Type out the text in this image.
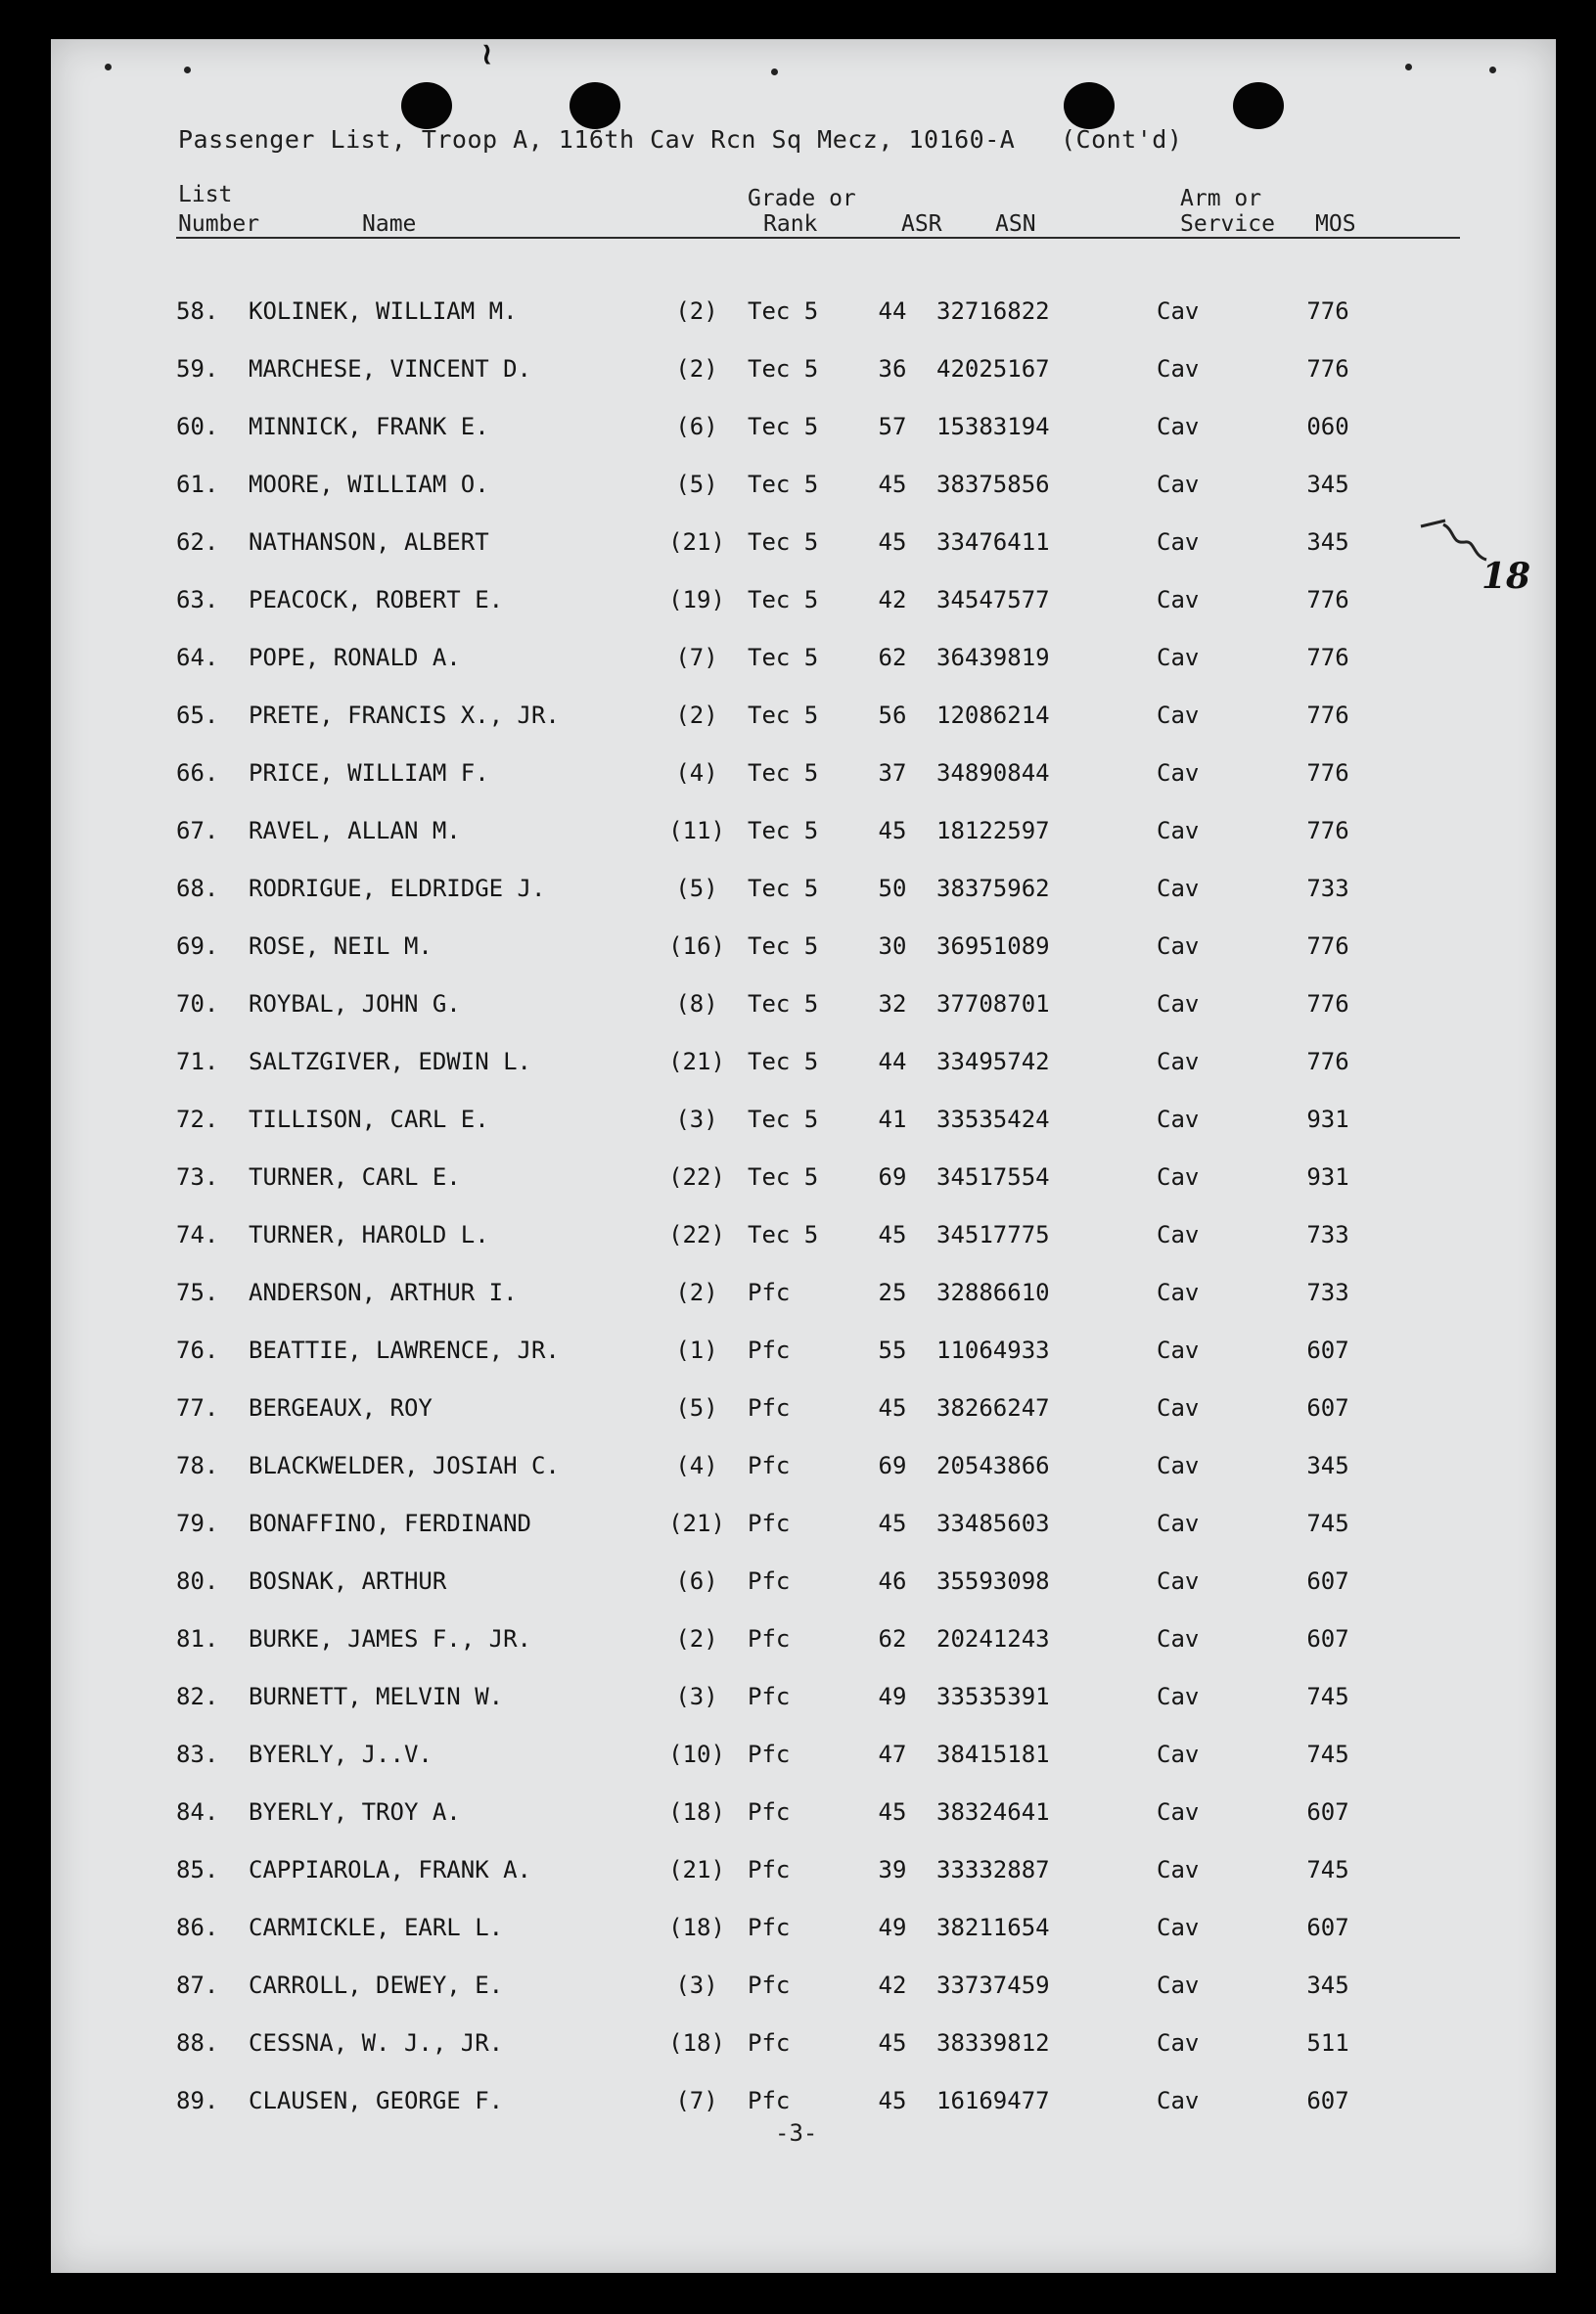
≀
Passenger List, Troop A, 116th Cav Rcn Sq Mecz, 10160-A   (Cont'd)
List
Number	Name
Grade or
Rank	ASR ASN
Arm or
Service MOS
58. KOLINEK, WILLIAM M.	(2)	Tec 5	44	32716822	Cav	776
59. MARCHESE, VINCENT D.	(2)	Tec 5	36	42025167	Cav	776
60. MINNICK, FRANK E.	(6)	Tec 5	57	15383194	Cav	060
61. MOORE, WILLIAM O.	(5)	Tec 5	45	38375856	Cav	345
62. NATHANSON, ALBERT	(21) Tec 5	45	33476411	Cav	345
63. PEACOCK, ROBERT E.	(19) Tec 5	42	34547577	Cav	776
64. POPE, RONALD A.	(7)	Tec 5	62	36439819	Cav	776
65. PRETE, FRANCIS X., JR.	(2)	Tec 5	56	12086214	Cav	776
66. PRICE, WILLIAM F.	(4)	Tec 5	37	34890844	Cav	776
67. RAVEL, ALLAN M.	(11) Tec 5	45	18122597	Cav	776
68. RODRIGUE, ELDRIDGE J.	(5)	Tec 5	50	38375962	Cav	733
69. ROSE, NEIL M.	(16) Tec 5	30	36951089	Cav	776
70. ROYBAL, JOHN G.	(8)	Tec 5	32	37708701	Cav	776
71. SALTZGIVER, EDWIN L.	(21) Tec 5	44	33495742	Cav	776
72. TILLISON, CARL E.	(3)	Tec 5	41	33535424	Cav	931
73. TURNER, CARL E.	(22) Tec 5	69	34517554	Cav	931
74. TURNER, HAROLD L.	(22) Tec 5	45	34517775	Cav	733
75. ANDERSON, ARTHUR I.	(2)	Pfc	25	32886610	Cav	733
76. BEATTIE, LAWRENCE, JR.	(1)	Pfc	55	11064933	Cav	607
77. BERGEAUX, ROY	(5)	Pfc	45	38266247	Cav	607
78. BLACKWELDER, JOSIAH C.	(4)	Pfc	69	20543866	Cav	345
79. BONAFFINO, FERDINAND	(21) Pfc	45	33485603	Cav	745
80. BOSNAK, ARTHUR	(6)	Pfc	46	35593098	Cav	607
81. BURKE, JAMES F., JR.	(2)	Pfc	62	20241243	Cav	607
82. BURNETT, MELVIN W.	(3)	Pfc	49	33535391	Cav	745
83. BYERLY, J..V.	(10) Pfc	47	38415181	Cav	745
84. BYERLY, TROY A.	(18) Pfc	45	38324641	Cav	607
85. CAPPIAROLA, FRANK A.	(21) Pfc	39	33332887	Cav	745
86. CARMICKLE, EARL L.	(18) Pfc	49	38211654	Cav	607
87. CARROLL, DEWEY, E.	(3)	Pfc	42	33737459	Cav	345
88. CESSNA, W. J., JR.	(18) Pfc	45	38339812	Cav	511
89. CLAUSEN, GEORGE F.	(7)	Pfc	45	16169477	Cav	607
-3-
18
